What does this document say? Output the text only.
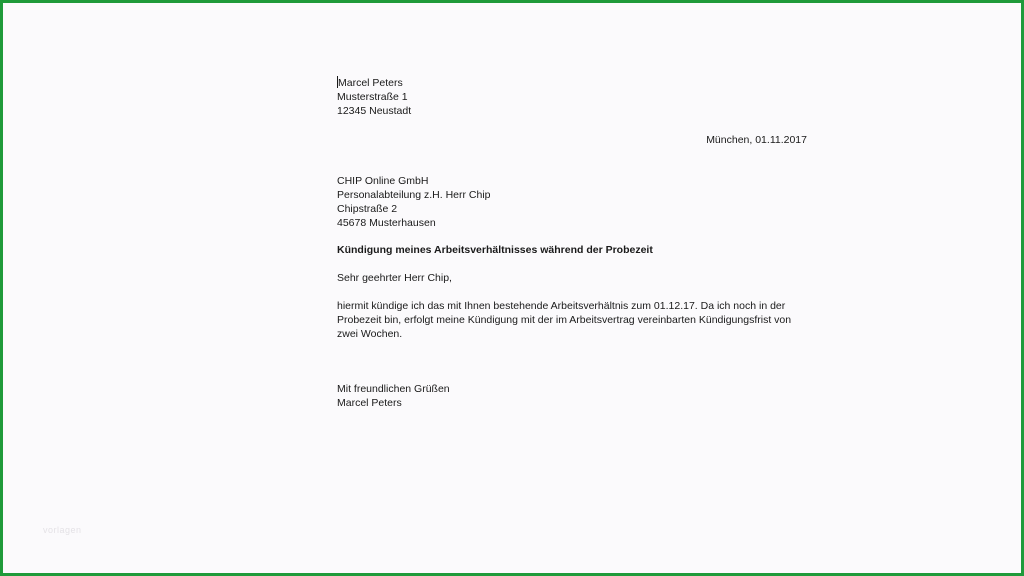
Marcel Peters
Musterstraße 1
12345 Neustadt
München, 01.11.2017
CHIP Online GmbH
Personalabteilung z.H. Herr Chip
Chipstraße 2
45678 Musterhausen
Kündigung meines Arbeitsverhältnisses während der Probezeit
Sehr geehrter Herr Chip,
hiermit kündige ich das mit Ihnen bestehende Arbeitsverhältnis zum 01.12.17. Da ich noch in der
Probezeit bin, erfolgt meine Kündigung mit der im Arbeitsvertrag vereinbarten Kündigungsfrist von
zwei Wochen.
Mit freundlichen Grüßen
Marcel Peters
vorlagen
